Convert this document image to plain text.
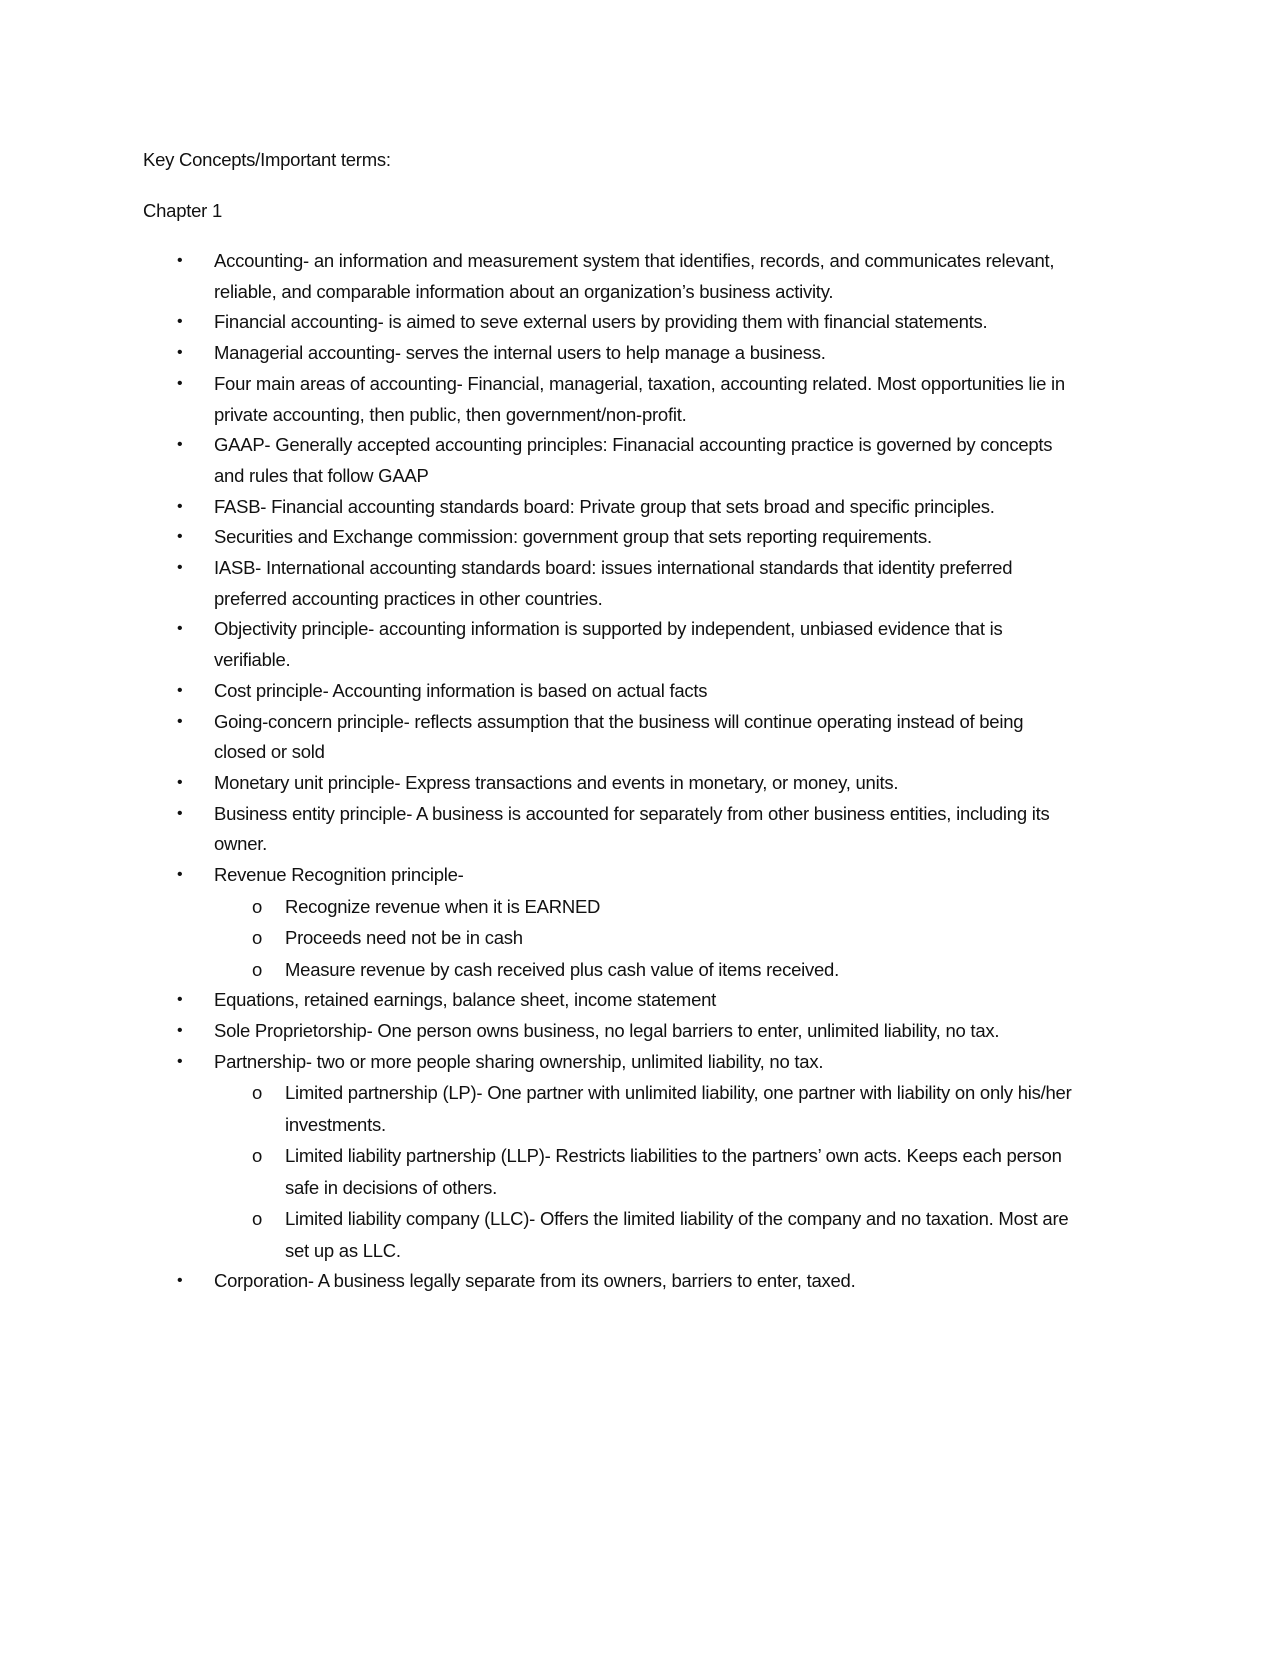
Key Concepts/Important terms:
Chapter 1
• Accounting- an information and measurement system that identifies, records, and communicates relevant, reliable, and comparable information about an organization’s business activity.
• Financial accounting- is aimed to seve external users by providing them with financial statements.
• Managerial accounting- serves the internal users to help manage a business.
• Four main areas of accounting- Financial, managerial, taxation, accounting related. Most opportunities lie in private accounting, then public, then government/non-profit.
• GAAP- Generally accepted accounting principles: Finanacial accounting practice is governed by concepts and rules that follow GAAP
• FASB- Financial accounting standards board: Private group that sets broad and specific principles.
• Securities and Exchange commission: government group that sets reporting requirements.
• IASB- International accounting standards board: issues international standards that identity preferred preferred accounting practices in other countries.
• Objectivity principle- accounting information is supported by independent, unbiased evidence that is verifiable.
• Cost principle- Accounting information is based on actual facts
• Going-concern principle- reflects assumption that the business will continue operating instead of being closed or sold
• Monetary unit principle- Express transactions and events in monetary, or money, units.
• Business entity principle- A business is accounted for separately from other business entities, including its owner.
• Revenue Recognition principle-
o Recognize revenue when it is EARNED
o Proceeds need not be in cash
o Measure revenue by cash received plus cash value of items received.
• Equations, retained earnings, balance sheet, income statement
• Sole Proprietorship- One person owns business, no legal barriers to enter, unlimited liability, no tax.
• Partnership- two or more people sharing ownership, unlimited liability, no tax.
o Limited partnership (LP)- One partner with unlimited liability, one partner with liability on only his/her investments.
o Limited liability partnership (LLP)- Restricts liabilities to the partners’ own acts. Keeps each person safe in decisions of others.
o Limited liability company (LLC)- Offers the limited liability of the company and no taxation. Most are set up as LLC.
• Corporation- A business legally separate from its owners, barriers to enter, taxed.
